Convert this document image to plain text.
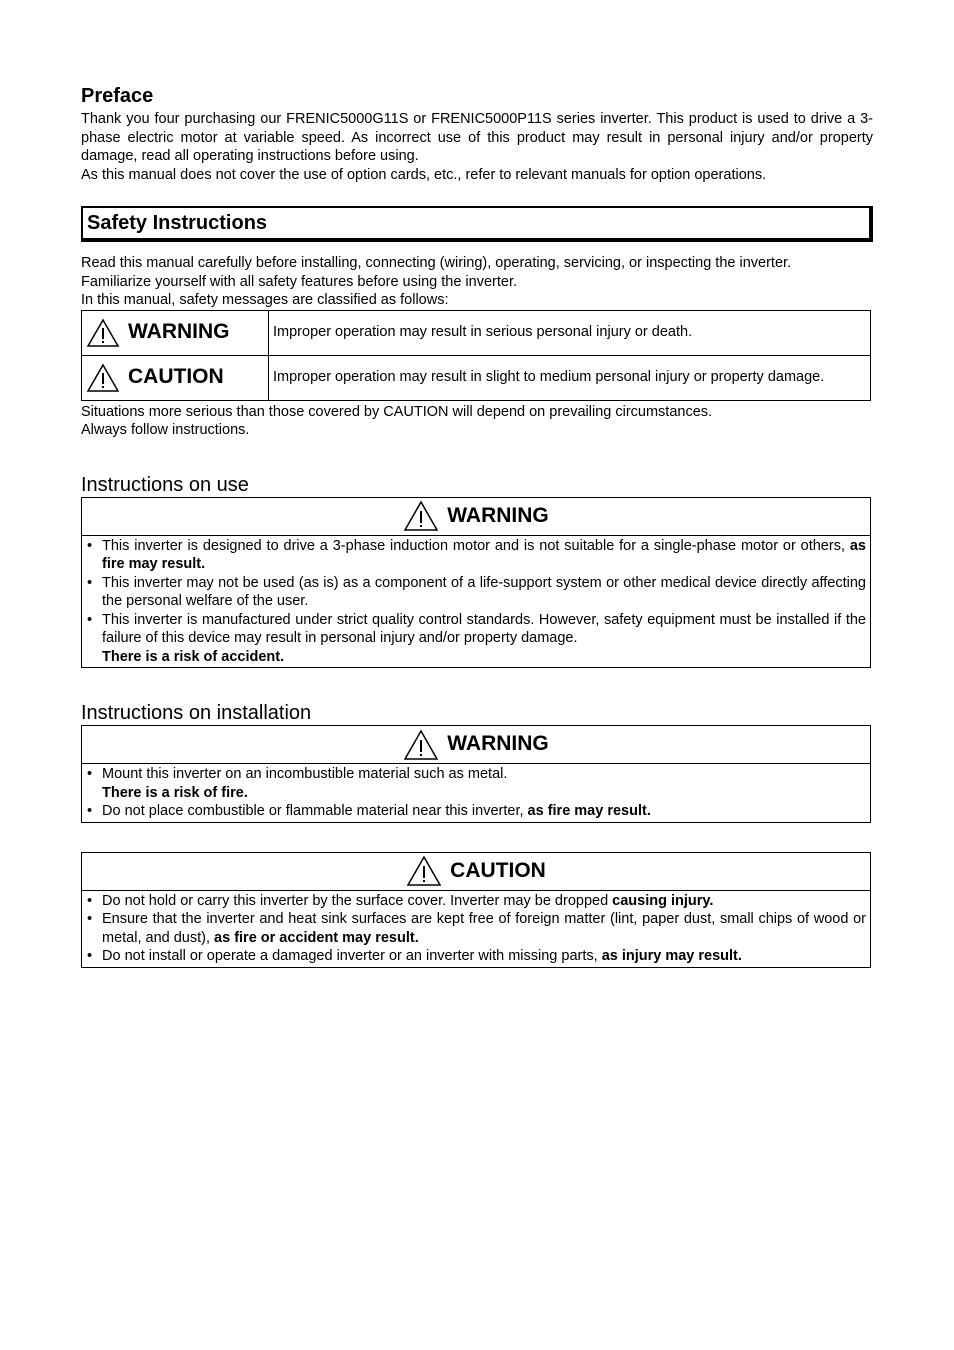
Preface

Thank you four purchasing our FRENIC5000G11S or FRENIC5000P11S series inverter. This product is used to drive a 3-phase electric motor at variable speed. As incorrect use of this product may result in personal injury and/or property damage, read all operating instructions before using.

As this manual does not cover the use of option cards, etc., refer to relevant manuals for option operations.

Safety Instructions

Read this manual carefully before installing, connecting (wiring), operating, servicing, or inspecting the inverter.

Familiarize yourself with all safety features before using the inverter.

In this manual, safety messages are classified as follows:

WARNING	Improper operation may result in serious personal injury or death.

CAUTION	Improper operation may result in slight to medium personal injury or property damage.

Situations more serious than those covered by CAUTION will depend on prevailing circumstances.

Always follow instructions.

Instructions on use
WARNING
• This inverter is designed to drive a 3-phase induction motor and is not suitable for a single-phase motor or others, as fire may result.
• This inverter may not be used (as is) as a component of a life-support system or other medical device directly affecting the personal welfare of the user.
• This inverter is manufactured under strict quality control standards. However, safety equipment must be installed if the failure of this device may result in personal injury and/or property damage.
There is a risk of accident.
Instructions on installation
WARNING
• Mount this inverter on an incombustible material such as metal.
There is a risk of fire.
• Do not place combustible or flammable material near this inverter, as fire may result.
CAUTION
• Do not hold or carry this inverter by the surface cover. Inverter may be dropped causing injury.
• Ensure that the inverter and heat sink surfaces are kept free of foreign matter (lint, paper dust, small chips of wood or metal, and dust), as fire or accident may result.
• Do not install or operate a damaged inverter or an inverter with missing parts, as injury may result.
